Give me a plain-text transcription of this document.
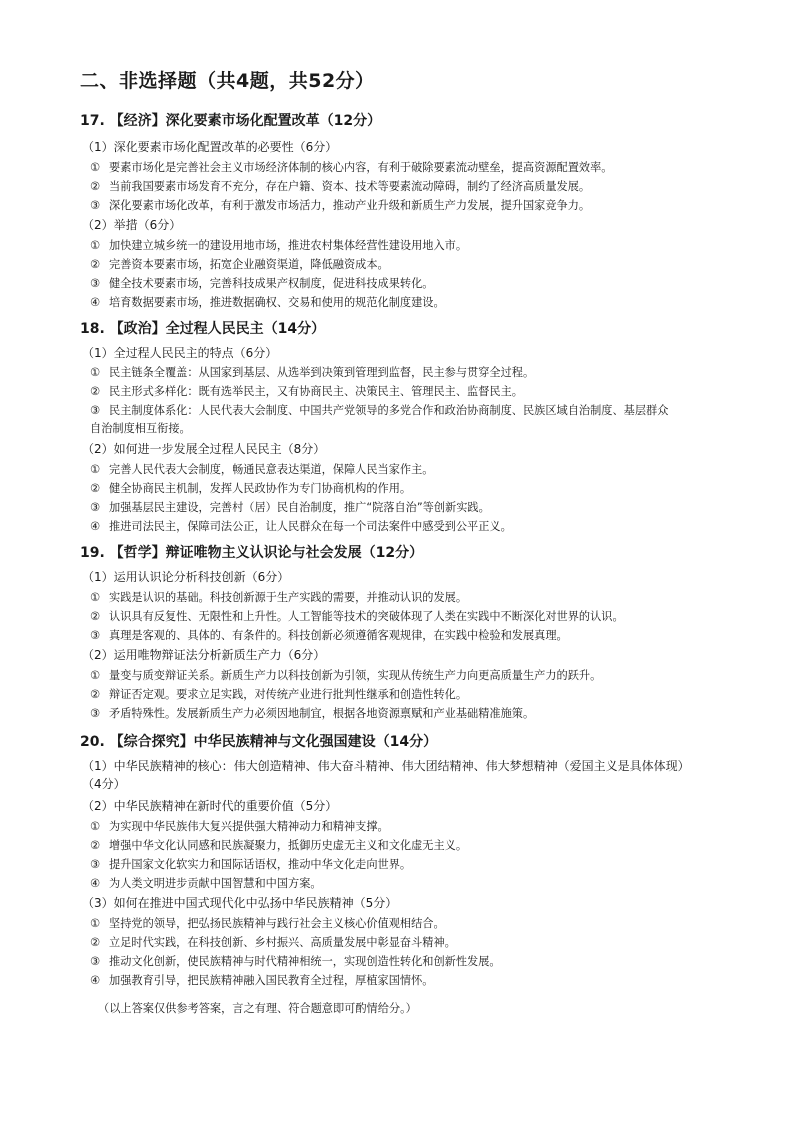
二、非选择题（共4题，共52分）
17. 【经济】深化要素市场化配置改革（12分）
（1）深化要素市场化配置改革的必要性（6分）
① 要素市场化是完善社会主义市场经济体制的核心内容，有利于破除要素流动壁垒，提高资源配置效率。
② 当前我国要素市场发育不充分，存在户籍、资本、技术等要素流动障碍，制约了经济高质量发展。
③ 深化要素市场化改革，有利于激发市场活力，推动产业升级和新质生产力发展，提升国家竞争力。
（2）举措（6分）
① 加快建立城乡统一的建设用地市场，推进农村集体经营性建设用地入市。
② 完善资本要素市场，拓宽企业融资渠道，降低融资成本。
③ 健全技术要素市场，完善科技成果产权制度，促进科技成果转化。
④ 培育数据要素市场，推进数据确权、交易和使用的规范化制度建设。
18. 【政治】全过程人民民主（14分）
（1）全过程人民民主的特点（6分）
① 民主链条全覆盖：从国家到基层、从选举到决策到管理到监督，民主参与贯穿全过程。
② 民主形式多样化：既有选举民主，又有协商民主、决策民主、管理民主、监督民主。
③ 民主制度体系化：人民代表大会制度、中国共产党领导的多党合作和政治协商制度、民族区域自治制度、基层群众
自治制度相互衔接。
（2）如何进一步发展全过程人民民主（8分）
① 完善人民代表大会制度，畅通民意表达渠道，保障人民当家作主。
② 健全协商民主机制，发挥人民政协作为专门协商机构的作用。
③ 加强基层民主建设，完善村（居）民自治制度，推广“院落自治”等创新实践。
④ 推进司法民主，保障司法公正，让人民群众在每一个司法案件中感受到公平正义。
19. 【哲学】辩证唯物主义认识论与社会发展（12分）
（1）运用认识论分析科技创新（6分）
① 实践是认识的基础。科技创新源于生产实践的需要，并推动认识的发展。
② 认识具有反复性、无限性和上升性。人工智能等技术的突破体现了人类在实践中不断深化对世界的认识。
③ 真理是客观的、具体的、有条件的。科技创新必须遵循客观规律，在实践中检验和发展真理。
（2）运用唯物辩证法分析新质生产力（6分）
① 量变与质变辩证关系。新质生产力以科技创新为引领，实现从传统生产力向更高质量生产力的跃升。
② 辩证否定观。要求立足实践，对传统产业进行批判性继承和创造性转化。
③ 矛盾特殊性。发展新质生产力必须因地制宜，根据各地资源禀赋和产业基础精准施策。
20. 【综合探究】中华民族精神与文化强国建设（14分）
（1）中华民族精神的核心：伟大创造精神、伟大奋斗精神、伟大团结精神、伟大梦想精神（爱国主义是具体体现）
（4分）
（2）中华民族精神在新时代的重要价值（5分）
① 为实现中华民族伟大复兴提供强大精神动力和精神支撑。
② 增强中华文化认同感和民族凝聚力，抵御历史虚无主义和文化虚无主义。
③ 提升国家文化软实力和国际话语权，推动中华文化走向世界。
④ 为人类文明进步贡献中国智慧和中国方案。
（3）如何在推进中国式现代化中弘扬中华民族精神（5分）
① 坚持党的领导，把弘扬民族精神与践行社会主义核心价值观相结合。
② 立足时代实践，在科技创新、乡村振兴、高质量发展中彰显奋斗精神。
③ 推动文化创新，使民族精神与时代精神相统一，实现创造性转化和创新性发展。
④ 加强教育引导，把民族精神融入国民教育全过程，厚植家国情怀。
（以上答案仅供参考答案，言之有理、符合题意即可酌情给分。）
